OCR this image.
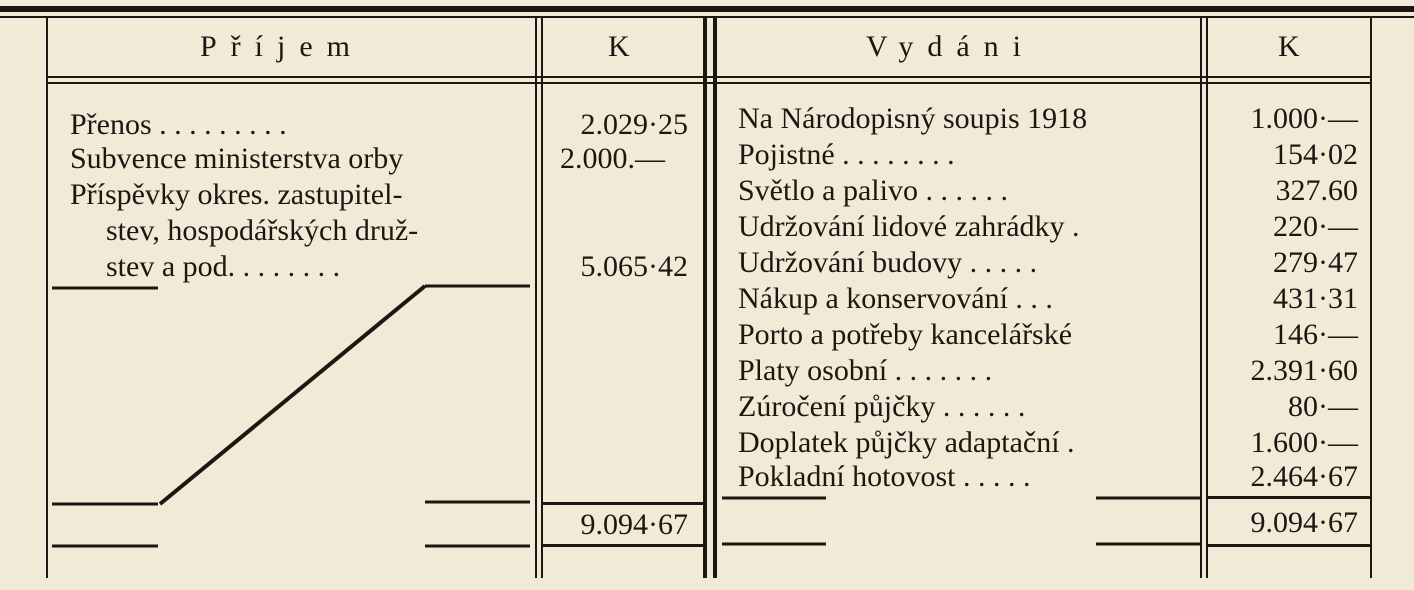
Příjem	K	Vydáni	K
Přenos . . . . . . . . .	2.029·25
Subvence ministerstva orby	2.000.—
Příspěvky okres. zastupitel-
stev, hospodářských druž-
stev a pod. . . . . . . .	5.065·42
9.094·67
Na Národopisný soupis 1918	1.000·—
Pojistné . . . . . . . .	154·02
Světlo a palivo . . . . . .	327.60
Udržování lidové zahrádky .	220·—
Udržování budovy . . . . .	279·47
Nákup a konservování . . .	431·31
Porto a potřeby kancelářské	146·—
Platy osobní . . . . . . .	2.391·60
Zúročení půjčky . . . . . .	80·—
Doplatek půjčky adaptační .	1.600·—
Pokladní hotovost . . . . .	2.464·67
9.094·67
